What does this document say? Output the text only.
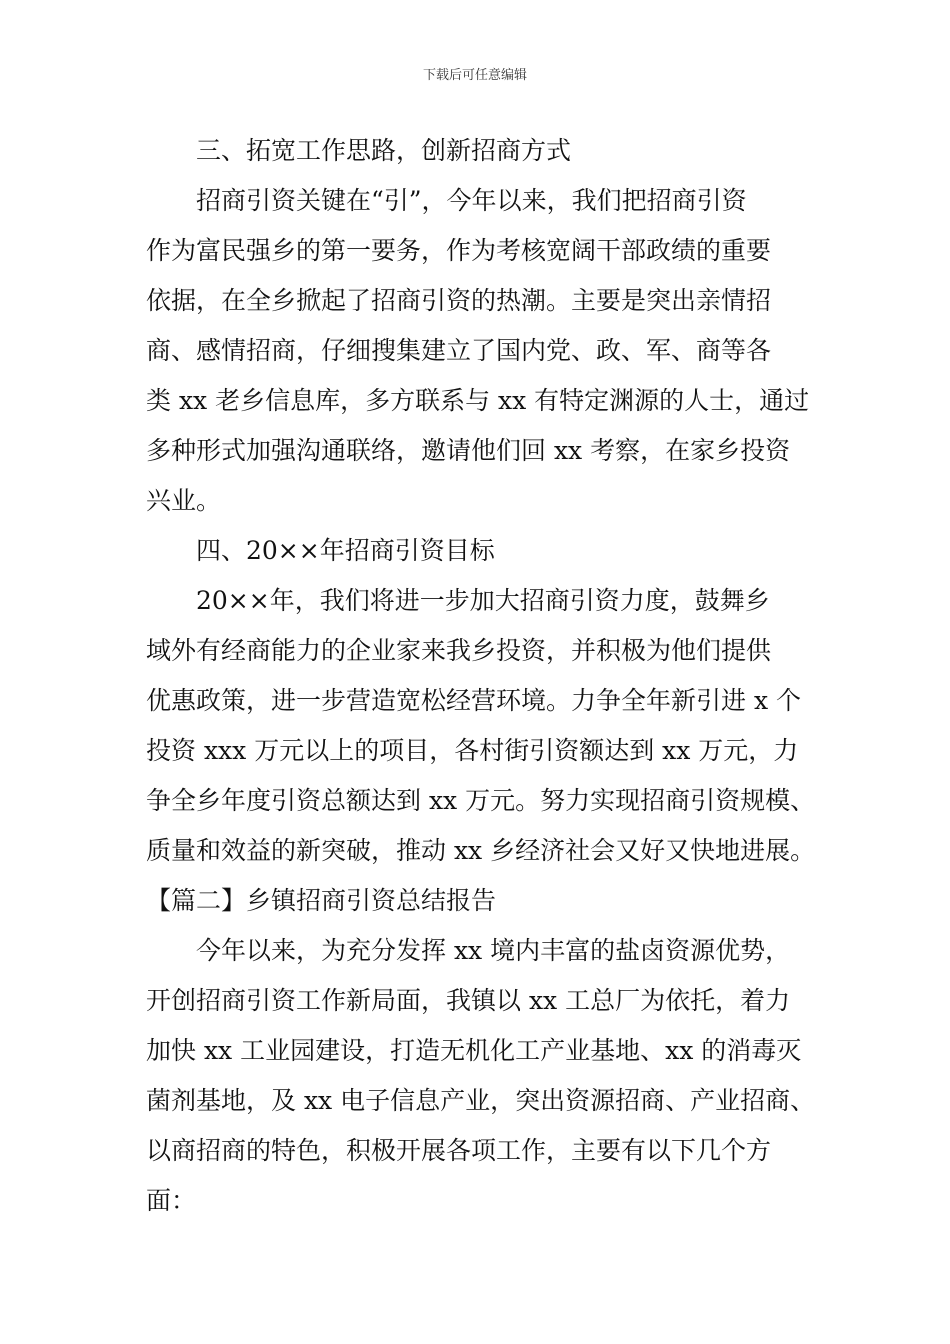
下载后可任意编辑
三、拓宽工作思路，创新招商方式
招商引资关键在“引”，今年以来，我们把招商引资
作为富民强乡的第一要务，作为考核宽阔干部政绩的重要
依据，在全乡掀起了招商引资的热潮。主要是突出亲情招
商、感情招商，仔细搜集建立了国内党、政、军、商等各
类 xx 老乡信息库，多方联系与 xx 有特定渊源的人士，通过
多种形式加强沟通联络，邀请他们回 xx 考察，在家乡投资
兴业。
四、20××年招商引资目标
20××年，我们将进一步加大招商引资力度，鼓舞乡
域外有经商能力的企业家来我乡投资，并积极为他们提供
优惠政策，进一步营造宽松经营环境。力争全年新引进 x 个
投资 xxx 万元以上的项目，各村街引资额达到 xx 万元，力
争全乡年度引资总额达到 xx 万元。努力实现招商引资规模、
质量和效益的新突破，推动 xx 乡经济社会又好又快地进展。
【篇二】乡镇招商引资总结报告
今年以来，为充分发挥 xx 境内丰富的盐卤资源优势，
开创招商引资工作新局面，我镇以 xx 工总厂为依托，着力
加快 xx 工业园建设，打造无机化工产业基地、xx 的消毒灭
菌剂基地，及 xx 电子信息产业，突出资源招商、产业招商、
以商招商的特色，积极开展各项工作，主要有以下几个方
面：
